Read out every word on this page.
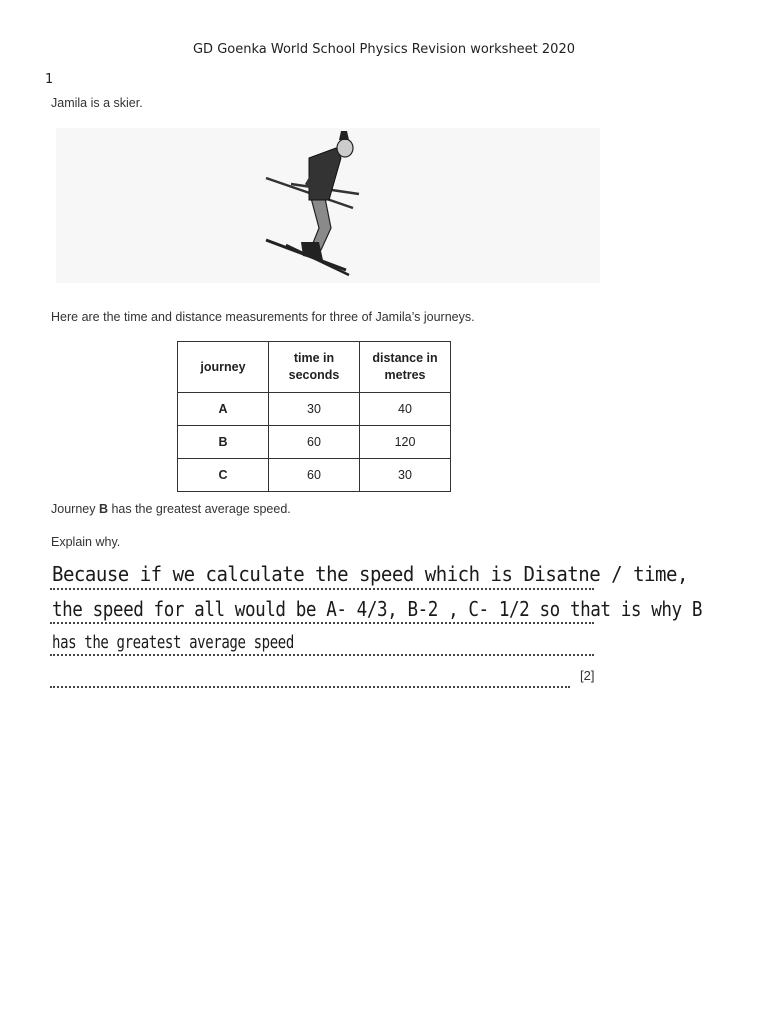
GD Goenka World School Physics Revision worksheet 2020
1
Jamila is a skier.
Here are the time and distance measurements for three of Jamila’s journeys.
journey	time in seconds	distance in metres
A	30	40
B	60	120
C	60	30
Journey B has the greatest average speed.
Explain why.
Because if we calculate the speed which is Disatne / time,
the speed for all would be A- 4/3, B-2 , C- 1/2 so that is why B
has the greatest average speed
[2]
